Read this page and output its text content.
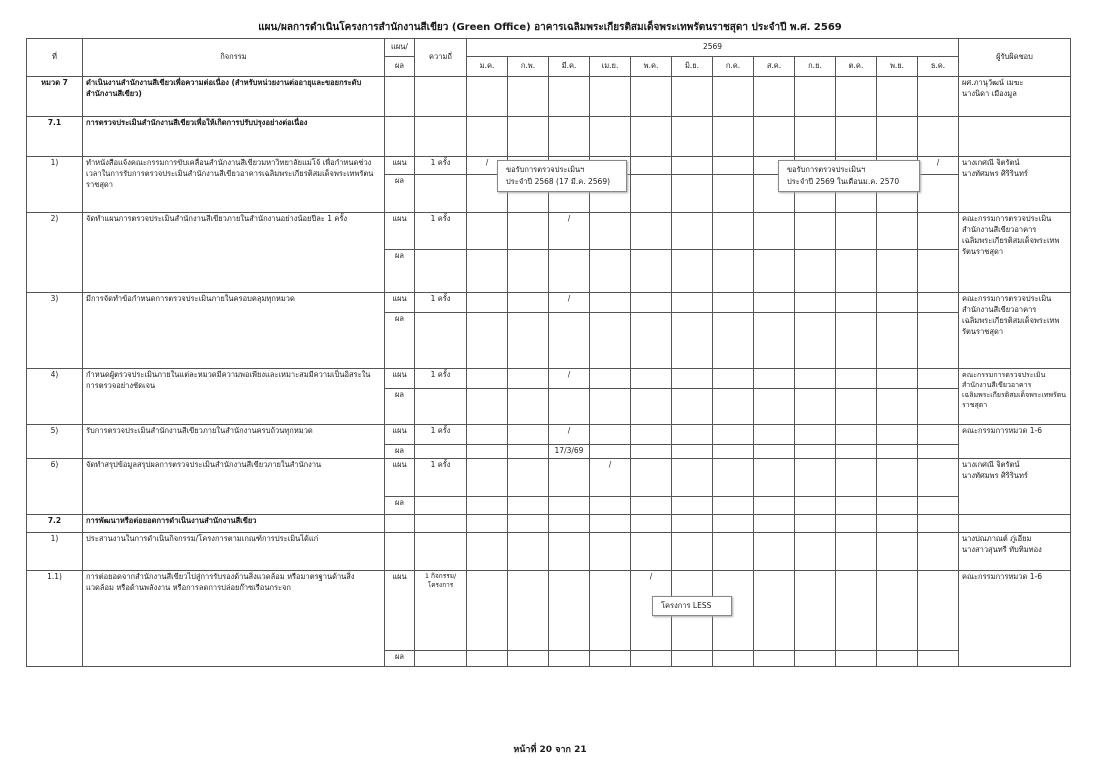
แผน/ผลการดำเนินโครงการสำนักงานสีเขียว (Green Office) อาคารเฉลิมพระเกียรติสมเด็จพระเทพรัตนราชสุดา ประจำปี พ.ศ. 2569
ที่	กิจกรรม	แผน/	ความถี่	2569												ผู้รับผิดชอบ
		ผล		ม.ค.	ก.พ.	มี.ค.	เม.ย.	พ.ค.	มิ.ย.	ก.ค.	ส.ค.	ก.ย.	ต.ค.	พ.ย.	ธ.ค.	
หมวด 7	ดำเนินงานสำนักงานสีเขียวเพื่อความต่อเนื่อง (สำหรับหน่วยงานต่ออายุและขอยกระดับสำนักงานสีเขียว)															ผศ.ภานุวัฒน์ เมฆะ
นางนิดา เมืองมูล
7.1	การตรวจประเมินสำนักงานสีเขียวเพื่อให้เกิดการปรับปรุงอย่างต่อเนื่อง															
1)	ทำหนังสือแจ้งคณะกรรมการขับเคลื่อนสำนักงานสีเขียวมหาวิทยาลัยแม่โจ้ เพื่อกำหนดช่วงเวลาในการรับการตรวจประเมินสำนักงานสีเขียวอาคารเฉลิมพระเกียรติสมเด็จพระเทพรัตนราชสุดา	แผน	1 ครั้ง	/											/	นางเกศณี จิตรัตน์
นางทัศมพร ศิริรินทร์
		ผล														
2)	จัดทำแผนการตรวจประเมินสำนักงานสีเขียวภายในสำนักงานอย่างน้อยปีละ 1 ครั้ง	แผน	1 ครั้ง			/										คณะกรรมการตรวจประเมินสำนักงานสีเขียวอาคารเฉลิมพระเกียรติสมเด็จพระเทพรัตนราชสุดา
		ผล														
3)	มีการจัดทำข้อกำหนดการตรวจประเมินภายในครอบคลุมทุกหมวด	แผน	1 ครั้ง			/										คณะกรรมการตรวจประเมินสำนักงานสีเขียวอาคารเฉลิมพระเกียรติสมเด็จพระเทพรัตนราชสุดา
		ผล														
4)	กำหนดผู้ตรวจประเมินภายในแต่ละหมวดมีความพอเพียงและเหมาะสมมีความเป็นอิสระในการตรวจอย่างชัดเจน	แผน	1 ครั้ง			/										คณะกรรมการตรวจประเมินสำนักงานสีเขียวอาคารเฉลิมพระเกียรติสมเด็จพระเทพรัตนราชสุดา
		ผล														
5)	รับการตรวจประเมินสำนักงานสีเขียวภายในสำนักงานครบถ้วนทุกหมวด	แผน	1 ครั้ง			/										คณะกรรมการหมวด 1-6
		ผล				17/3/69										
6)	จัดทำสรุปข้อมูลสรุปผลการตรวจประเมินสำนักงานสีเขียวภายในสำนักงาน	แผน	1 ครั้ง				/									นางเกศณี จิตรัตน์
นางทัศมพร ศิริรินทร์
		ผล														
7.2	การพัฒนาหรือต่อยอดการดำเนินงานสำนักงานสีเขียว															
1)	ประสานงานในการดำเนินกิจกรรม/โครงการตามเกณฑ์การประเมินได้แก่															นางปณภาณต์ ภู่เอี่ยม
นางสาวสุนทรี ทับทิมทอง
1.1)	การต่อยอดจากสำนักงานสีเขียวไปสู่การรับรองด้านสิ่งแวดล้อม หรือมาตรฐานด้านสิ่งแวดล้อม หรือด้านพลังงาน หรือการลดการปล่อยก๊าซเรือนกระจก	แผน	1 กิจกรรม/
โครงการ					/								คณะกรรมการหมวด 1-6
		ผล														
ขอรับการตรวจประเมินฯ
ประจำปี 2568 (17 มี.ค. 2569)
ขอรับการตรวจประเมินฯ
ประจำปี 2569 ในเดือนม.ค. 2570
โครงการ LESS
หน้าที่ 20 จาก 21
